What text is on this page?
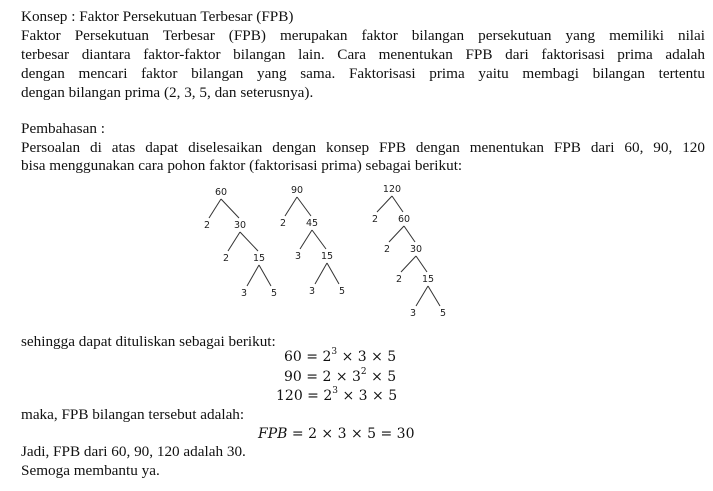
Konsep : Faktor Persekutuan Terbesar (FPB)
Faktor Persekutuan Terbesar (FPB) merupakan faktor bilangan persekutuan yang memiliki nilai
terbesar diantara faktor-faktor bilangan lain. Cara menentukan FPB dari faktorisasi prima adalah
dengan mencari faktor bilangan yang sama. Faktorisasi prima yaitu membagi bilangan tertentu
dengan bilangan prima (2, 3, 5, dan seterusnya).
Pembahasan :
Persoalan di atas dapat diselesaikan dengan konsep FPB dengan menentukan FPB dari 60, 90, 120
bisa menggunakan cara pohon faktor (faktorisasi prima) sebagai berikut:
60
2	30
2	15
3	5
90
2 45
3 15
3	5
120
2 60
2 30
2 15
3	5
sehingga dapat dituliskan sebagai berikut:
$60 = 2^3 \times 3 \times 5$
$90 = 2 \times 3^2 \times 5$
$120 = 2^3 \times 3 \times 5$
maka, FPB bilangan tersebut adalah:
FPB = 2 × 3 × 5 = 30
Jadi, FPB dari 60, 90, 120 adalah 30.
Semoga membantu ya.
